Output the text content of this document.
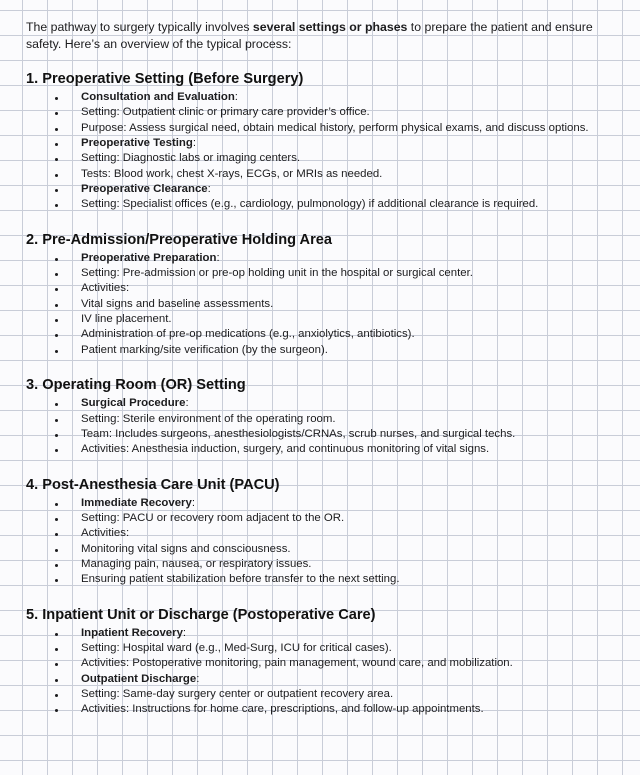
The pathway to surgery typically involves several settings or phases to prepare the patient and ensure safety. Here’s an overview of the typical process:

1. Preoperative Setting (Before Surgery)
Consultation and Evaluation:
Setting: Outpatient clinic or primary care provider’s office.
Purpose: Assess surgical need, obtain medical history, perform physical exams, and discuss options.
Preoperative Testing:
Setting: Diagnostic labs or imaging centers.
Tests: Blood work, chest X-rays, ECGs, or MRIs as needed.
Preoperative Clearance:
Setting: Specialist offices (e.g., cardiology, pulmonology) if additional clearance is required.
2. Pre-Admission/Preoperative Holding Area
Preoperative Preparation:
Setting: Pre-admission or pre-op holding unit in the hospital or surgical center.
Activities:
Vital signs and baseline assessments.
IV line placement.
Administration of pre-op medications (e.g., anxiolytics, antibiotics).
Patient marking/site verification (by the surgeon).
3. Operating Room (OR) Setting
Surgical Procedure:
Setting: Sterile environment of the operating room.
Team: Includes surgeons, anesthesiologists/CRNAs, scrub nurses, and surgical techs.
Activities: Anesthesia induction, surgery, and continuous monitoring of vital signs.
4. Post-Anesthesia Care Unit (PACU)
Immediate Recovery:
Setting: PACU or recovery room adjacent to the OR.
Activities:
Monitoring vital signs and consciousness.
Managing pain, nausea, or respiratory issues.
Ensuring patient stabilization before transfer to the next setting.
5. Inpatient Unit or Discharge (Postoperative Care)
Inpatient Recovery:
Setting: Hospital ward (e.g., Med-Surg, ICU for critical cases).
Activities: Postoperative monitoring, pain management, wound care, and mobilization.
Outpatient Discharge:
Setting: Same-day surgery center or outpatient recovery area.
Activities: Instructions for home care, prescriptions, and follow-up appointments.
